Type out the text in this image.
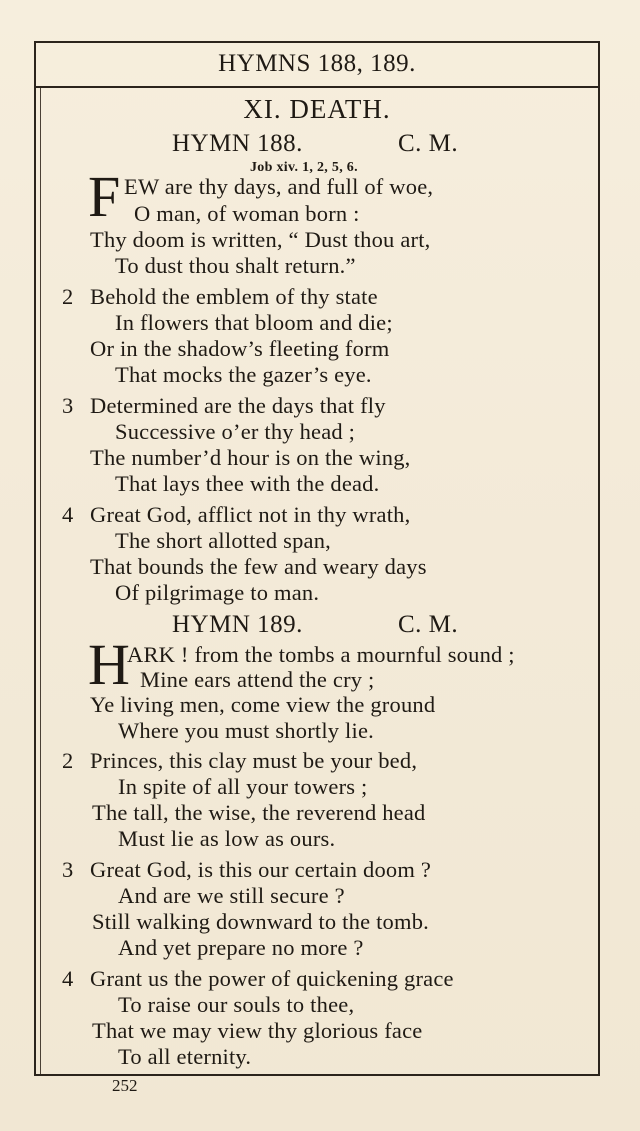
HYMNS 188, 189.
XI. DEATH.
HYMN 188.	C. M.
Job xiv. 1, 2, 5, 6.
F EW are thy days, and full of woe,
O man, of woman born :
Thy doom is written, “ Dust thou art,
To dust thou shalt return.”
2 Behold the emblem of thy state
In flowers that bloom and die;
Or in the shadow’s fleeting form
That mocks the gazer’s eye.
3 Determined are the days that fly
Successive o’er thy head ;
The number’d hour is on the wing,
That lays thee with the dead.
4 Great God, afflict not in thy wrath,
The short allotted span,
That bounds the few and weary days
Of pilgrimage to man.
HYMN 189.	C. M.
H
ARK ! from the tombs a mournful sound ;
Mine ears attend the cry ;
Ye living men, come view the ground
Where you must shortly lie.
2 Princes, this clay must be your bed,
In spite of all your towers ;
The tall, the wise, the reverend head
Must lie as low as ours.
3 Great God, is this our certain doom ?
And are we still secure ?
Still walking downward to the tomb.
And yet prepare no more ?
4 Grant us the power of quickening grace
To raise our souls to thee,
That we may view thy glorious face
To all eternity.
252
